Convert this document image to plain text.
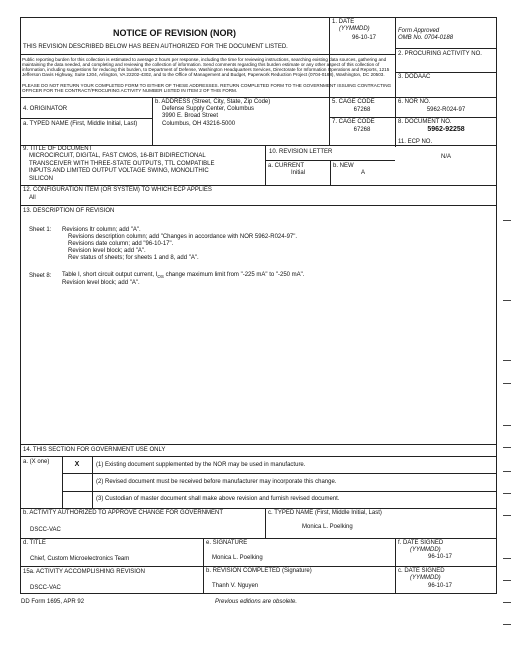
NOTICE OF REVISION (NOR)
THIS REVISION DESCRIBED BELOW HAS BEEN AUTHORIZED FOR THE DOCUMENT LISTED.
1. DATE
(YYMMDD)
96-10-17
Form Approved
OMB No. 0704-0188
2. PROCURING ACTIVITY NO.
3. DODAAC
Public reporting burden for this collection is estimated to average 2 hours per response, including the time for reviewing instructions, searching existing data sources, gathering and maintaining the data needed, and completing and reviewing the collection of information. Send comments regarding this burden estimate or any other aspect of this collection of information, including suggestions for reducing this burden, to Department of Defense, Washington Headquarters Services, Directorate for Information Operations and Reports, 1215 Jefferson Davis Highway, Suite 1204, Arlington, VA 22202-4302, and to the Office of Management and Budget, Paperwork Reduction Project (0704-0188), Washington, DC 20503.
PLEASE DO NOT RETURN YOUR COMPLETED FORM TO EITHER OF THESE ADDRESSES. RETURN COMPLETED FORM TO THE GOVERNMENT ISSUING CONTRACTING OFFICER FOR THE CONTRACT/PROCURING ACTIVITY NUMBER LISTED IN ITEM 2 OF THIS FORM.
4. ORIGINATOR
a. TYPED NAME (First, Middle Initial, Last)
b. ADDRESS (Street, City, State, Zip Code)
Defense Supply Center, Columbus
3990 E. Broad Street
Columbus, OH 43216-5000
5. CAGE CODE
67268
6. NOR NO.
5962-R024-97
7. CAGE CODE
67268
8. DOCUMENT NO.
5962-92258
9. TITLE OF DOCUMENT
MICROCIRCUIT, DIGITAL, FAST CMOS, 16-BIT BIDIRECTIONAL
TRANSCEIVER WITH THREE-STATE OUTPUTS, TTL COMPATIBLE
INPUTS AND LIMITED OUTPUT VOLTAGE SWING, MONOLITHIC
SILICON
10. REVISION LETTER
a. CURRENT
Initial
b. NEW
A
11. ECP NO.
N/A
12. CONFIGURATION ITEM (OR SYSTEM) TO WHICH ECP APPLIES
All
13. DESCRIPTION OF REVISION
Sheet 1: Revisions ltr column; add "A".
Revisions description column; add "Changes in accordance with NOR 5962-R024-97".
Revisions date column; add "96-10-17".
Revision level block; add "A".
Rev status of sheets; for sheets 1 and 8, add "A".
Sheet 8: Table I, short circuit output current, $I_{OS}$ change maximum limit from "-225 mA" to "-250 mA".
Revision level block; add "A".
14. THIS SECTION FOR GOVERNMENT USE ONLY
a. (X one)	X	(1) Existing document supplemented by the NOR may be used in manufacture.
(2) Revised document must be received before manufacturer may incorporate this change.
(3) Custodian of master document shall make above revision and furnish revised document.
b. ACTIVITY AUTHORIZED TO APPROVE CHANGE FOR GOVERNMENT
DSCC-VAC
c. TYPED NAME (First, Middle Initial, Last)
Monica L. Poelking
d. TITLE
Chief, Custom Microelectronics Team
e. SIGNATURE
Monica L. Poelking
f. DATE SIGNED
(YYMMDD)
96-10-17
15a. ACTIVITY ACCOMPLISHING REVISION
DSCC-VAC
b. REVISION COMPLETED (Signature)
Thanh V. Nguyen
c. DATE SIGNED
(YYMMDD)
96-10-17
DD Form 1695, APR 92	Previous editions are obsolete.
